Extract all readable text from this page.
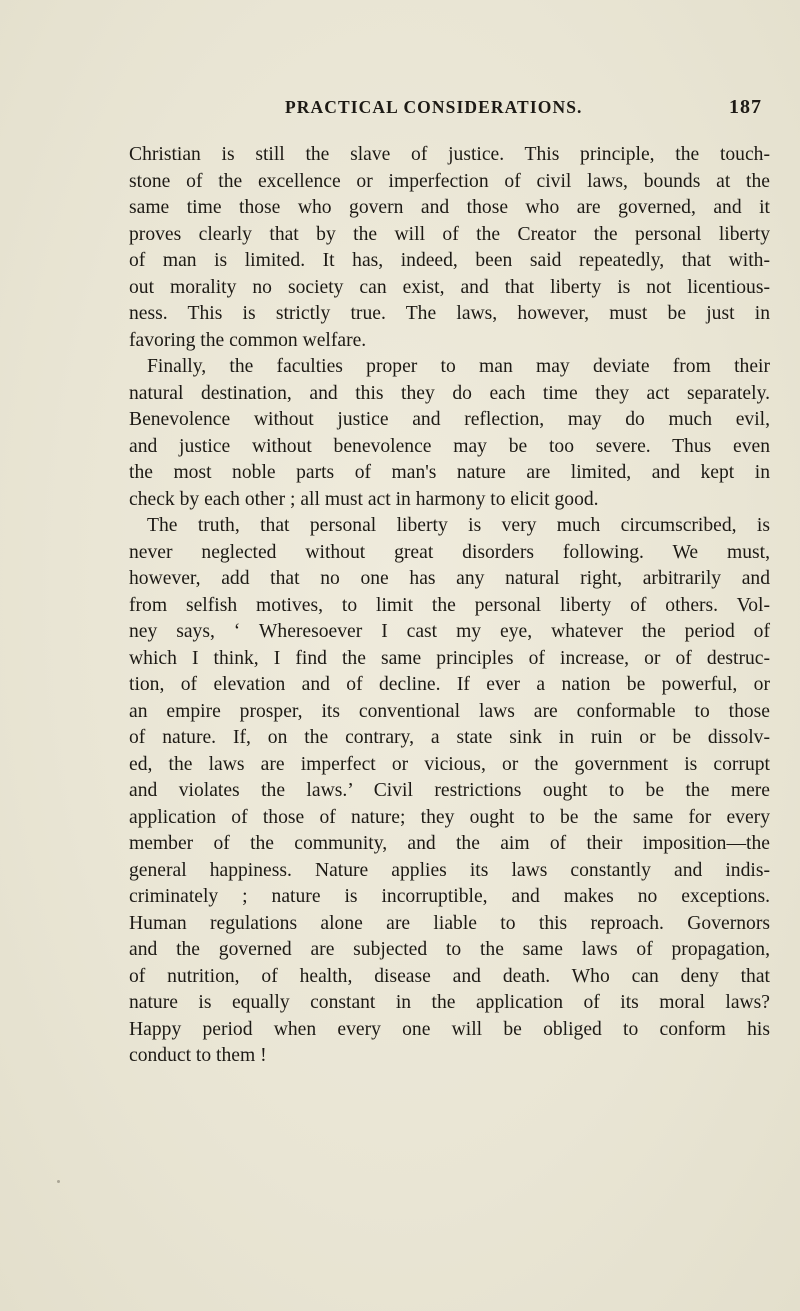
PRACTICAL CONSIDERATIONS.	187
Christian is still the slave of justice. This principle, the touch-
stone of the excellence or imperfection of civil laws, bounds at the
same time those who govern and those who are governed, and it
proves clearly that by the will of the Creator the personal liberty
of man is limited. It has, indeed, been said repeatedly, that with-
out morality no society can exist, and that liberty is not licentious-
ness. This is strictly true. The laws, however, must be just in
favoring the common welfare.
Finally, the faculties proper to man may deviate from their
natural destination, and this they do each time they act separately.
Benevolence without justice and reflection, may do much evil,
and justice without benevolence may be too severe. Thus even
the most noble parts of man's nature are limited, and kept in
check by each other ; all must act in harmony to elicit good.
The truth, that personal liberty is very much circumscribed, is
never neglected without great disorders following. We must,
however, add that no one has any natural right, arbitrarily and
from selfish motives, to limit the personal liberty of others. Vol-
ney says, ‘ Wheresoever I cast my eye, whatever the period of
which I think, I find the same principles of increase, or of destruc-
tion, of elevation and of decline. If ever a nation be powerful, or
an empire prosper, its conventional laws are conformable to those
of nature. If, on the contrary, a state sink in ruin or be dissolv-
ed, the laws are imperfect or vicious, or the government is corrupt
and violates the laws.’ Civil restrictions ought to be the mere
application of those of nature; they ought to be the same for every
member of the community, and the aim of their imposition—the
general happiness. Nature applies its laws constantly and indis-
criminately ; nature is incorruptible, and makes no exceptions.
Human regulations alone are liable to this reproach. Governors
and the governed are subjected to the same laws of propagation,
of nutrition, of health, disease and death. Who can deny that
nature is equally constant in the application of its moral laws?
Happy period when every one will be obliged to conform his
conduct to them !
